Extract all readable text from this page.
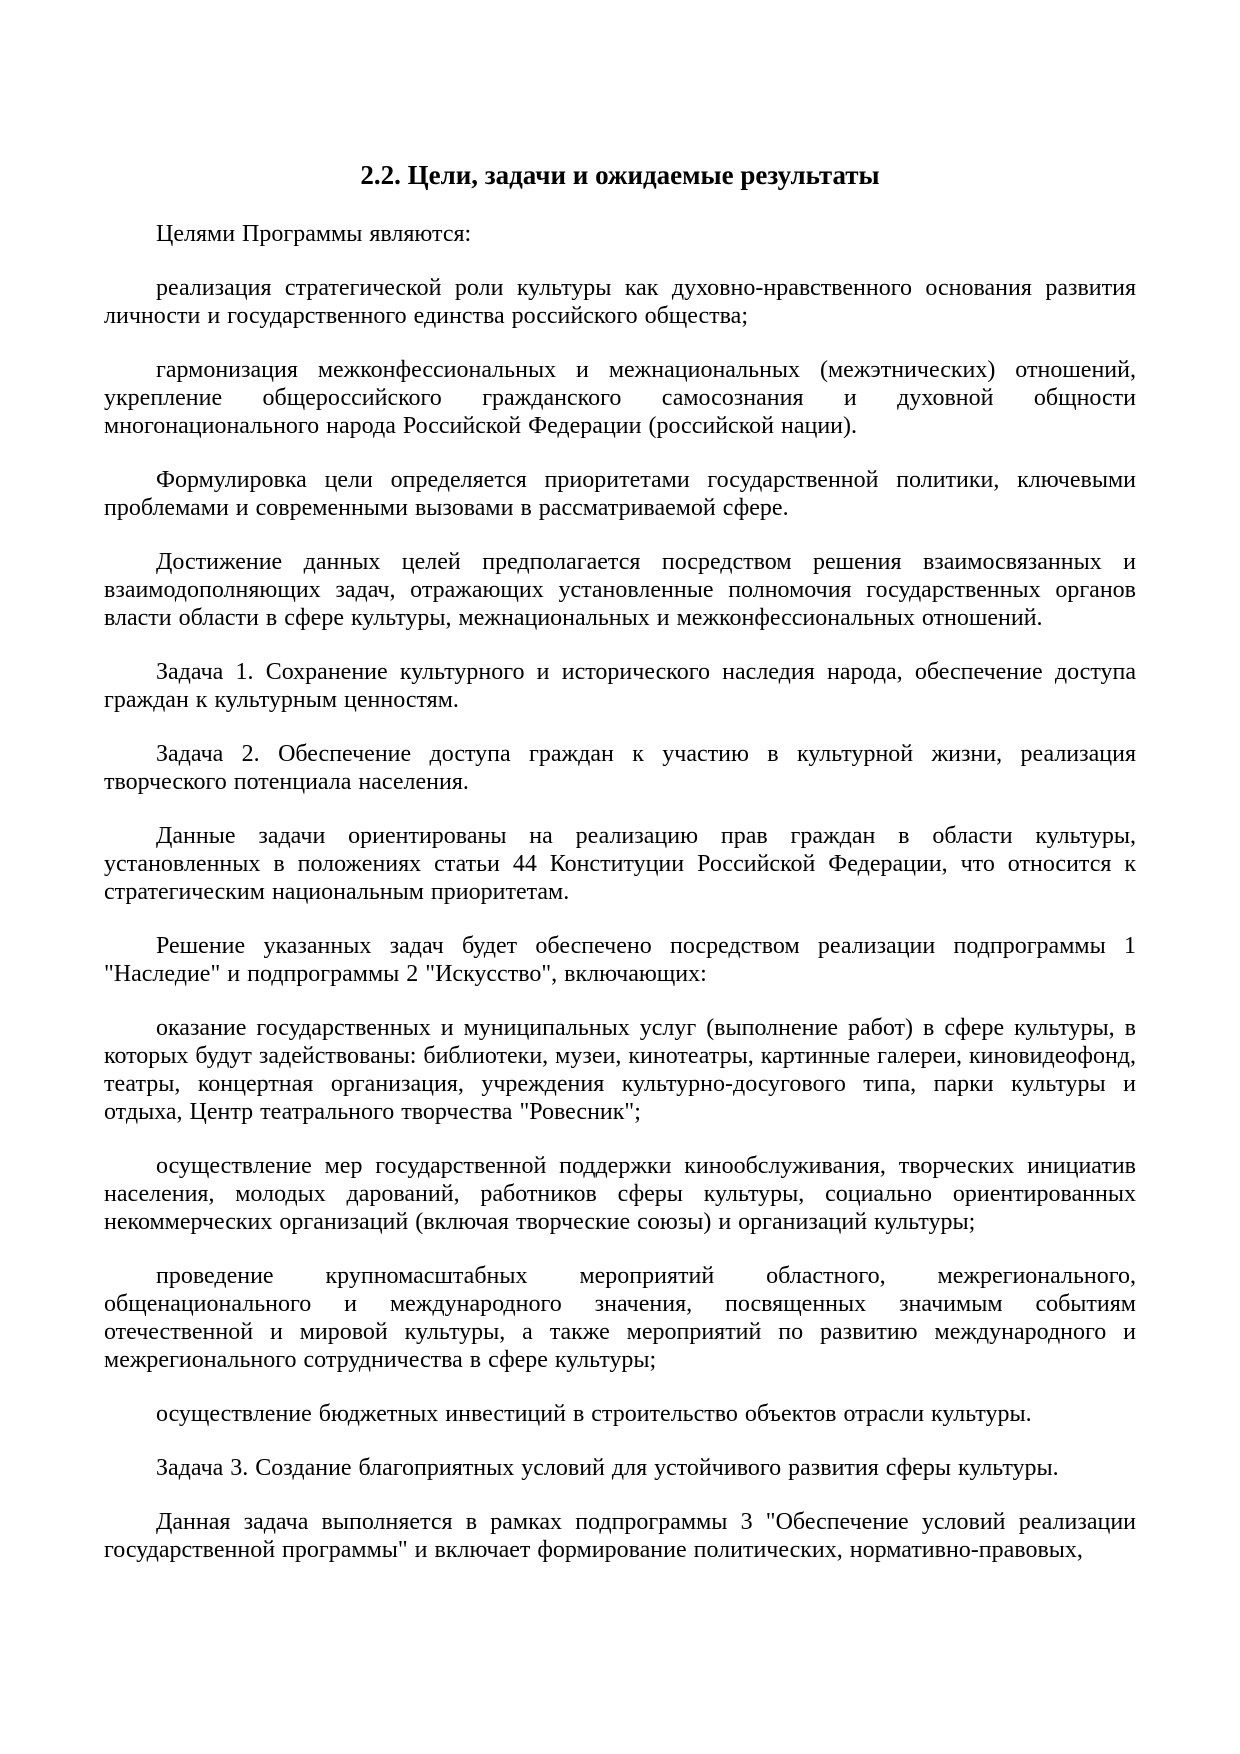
2.2. Цели, задачи и ожидаемые результаты

Целями Программы являются:

реализация стратегической роли культуры как духовно-нравственного основания развития личности и государственного единства российского общества;

гармонизация межконфессиональных и межнациональных (межэтнических) отношений, укрепление общероссийского гражданского самосознания и духовной общности многонационального народа Российской Федерации (российской нации).

Формулировка цели определяется приоритетами государственной политики, ключевыми проблемами и современными вызовами в рассматриваемой сфере.

Достижение данных целей предполагается посредством решения взаимосвязанных и взаимодополняющих задач, отражающих установленные полномочия государственных органов власти области в сфере культуры, межнациональных и межконфессиональных отношений.

Задача 1. Сохранение культурного и исторического наследия народа, обеспечение доступа граждан к культурным ценностям.

Задача 2. Обеспечение доступа граждан к участию в культурной жизни, реализация творческого потенциала населения.

Данные задачи ориентированы на реализацию прав граждан в области культуры, установленных в положениях статьи 44 Конституции Российской Федерации, что относится к стратегическим национальным приоритетам.

Решение указанных задач будет обеспечено посредством реализации подпрограммы 1 "Наследие" и подпрограммы 2 "Искусство", включающих:

оказание государственных и муниципальных услуг (выполнение работ) в сфере культуры, в которых будут задействованы: библиотеки, музеи, кинотеатры, картинные галереи, киновидеофонд, театры, концертная организация, учреждения культурно-досугового типа, парки культуры и отдыха, Центр театрального творчества "Ровесник";

осуществление мер государственной поддержки кинообслуживания, творческих инициатив населения, молодых дарований, работников сферы культуры, социально ориентированных некоммерческих организаций (включая творческие союзы) и организаций культуры;

проведение крупномасштабных мероприятий областного, межрегионального, общенационального и международного значения, посвященных значимым событиям отечественной и мировой культуры, а также мероприятий по развитию международного и межрегионального сотрудничества в сфере культуры;

осуществление бюджетных инвестиций в строительство объектов отрасли культуры.

Задача 3. Создание благоприятных условий для устойчивого развития сферы культуры.

Данная задача выполняется в рамках подпрограммы 3 "Обеспечение условий реализации государственной программы" и включает формирование политических, нормативно-правовых,
